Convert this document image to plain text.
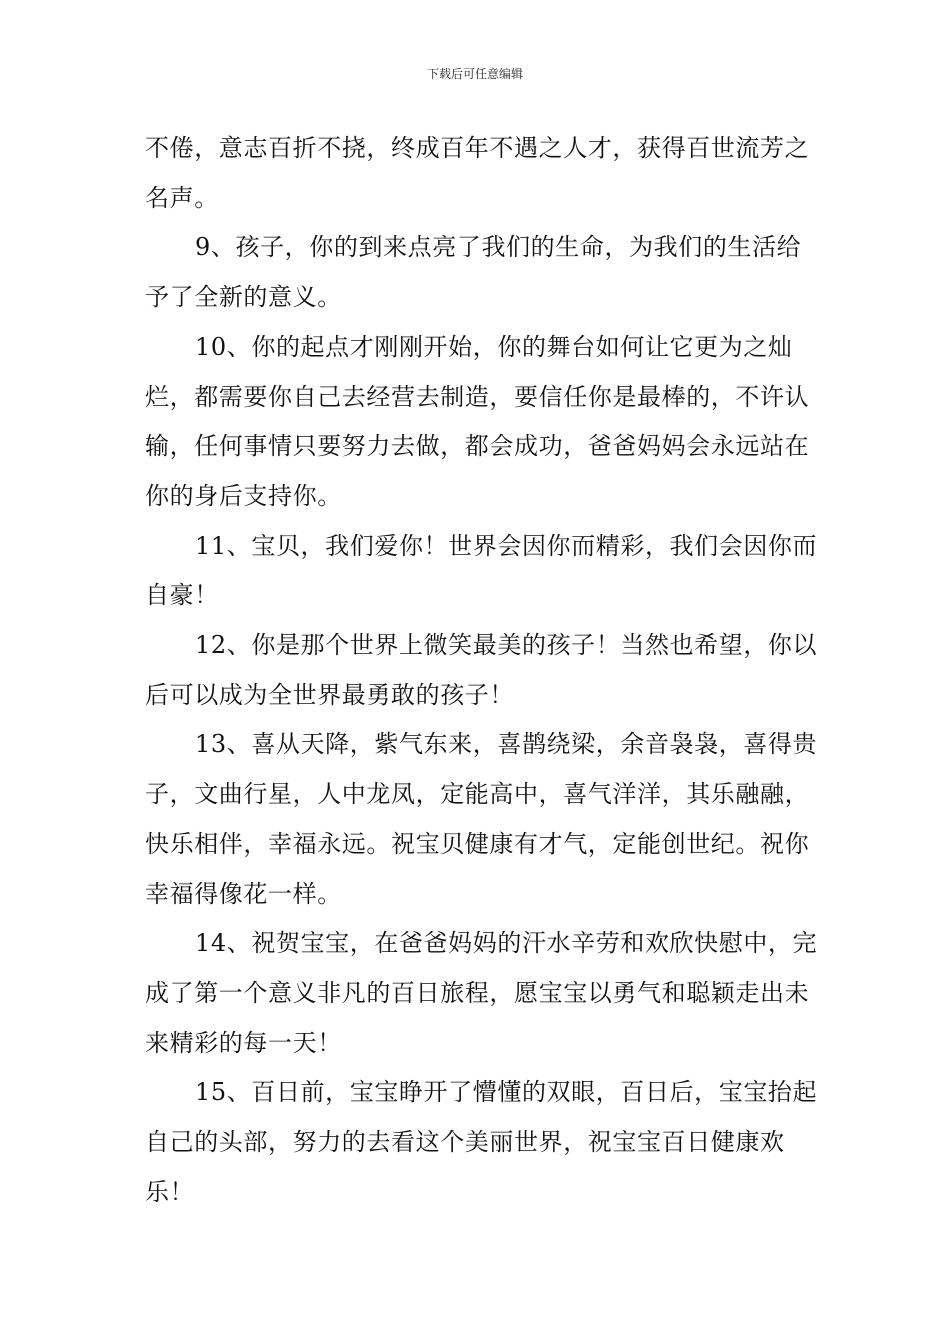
下载后可任意编辑

不倦，意志百折不挠，终成百年不遇之人才，获得百世流芳之名声。

9、孩子，你的到来点亮了我们的生命，为我们的生活给予了全新的意义。

10、你的起点才刚刚开始，你的舞台如何让它更为之灿烂，都需要你自己去经营去制造，要信任你是最棒的，不许认输，任何事情只要努力去做，都会成功，爸爸妈妈会永远站在你的身后支持你。

11、宝贝，我们爱你！世界会因你而精彩，我们会因你而自豪！

12、你是那个世界上微笑最美的孩子！当然也希望，你以后可以成为全世界最勇敢的孩子！

13、喜从天降，紫气东来，喜鹊绕梁，余音袅袅，喜得贵子，文曲行星，人中龙凤，定能高中，喜气洋洋，其乐融融，快乐相伴，幸福永远。祝宝贝健康有才气，定能创世纪。祝你幸福得像花一样。

14、祝贺宝宝，在爸爸妈妈的汗水辛劳和欢欣快慰中，完成了第一个意义非凡的百日旅程，愿宝宝以勇气和聪颖走出未来精彩的每一天！

15、百日前，宝宝睁开了懵懂的双眼，百日后，宝宝抬起自己的头部，努力的去看这个美丽世界，祝宝宝百日健康欢乐！
